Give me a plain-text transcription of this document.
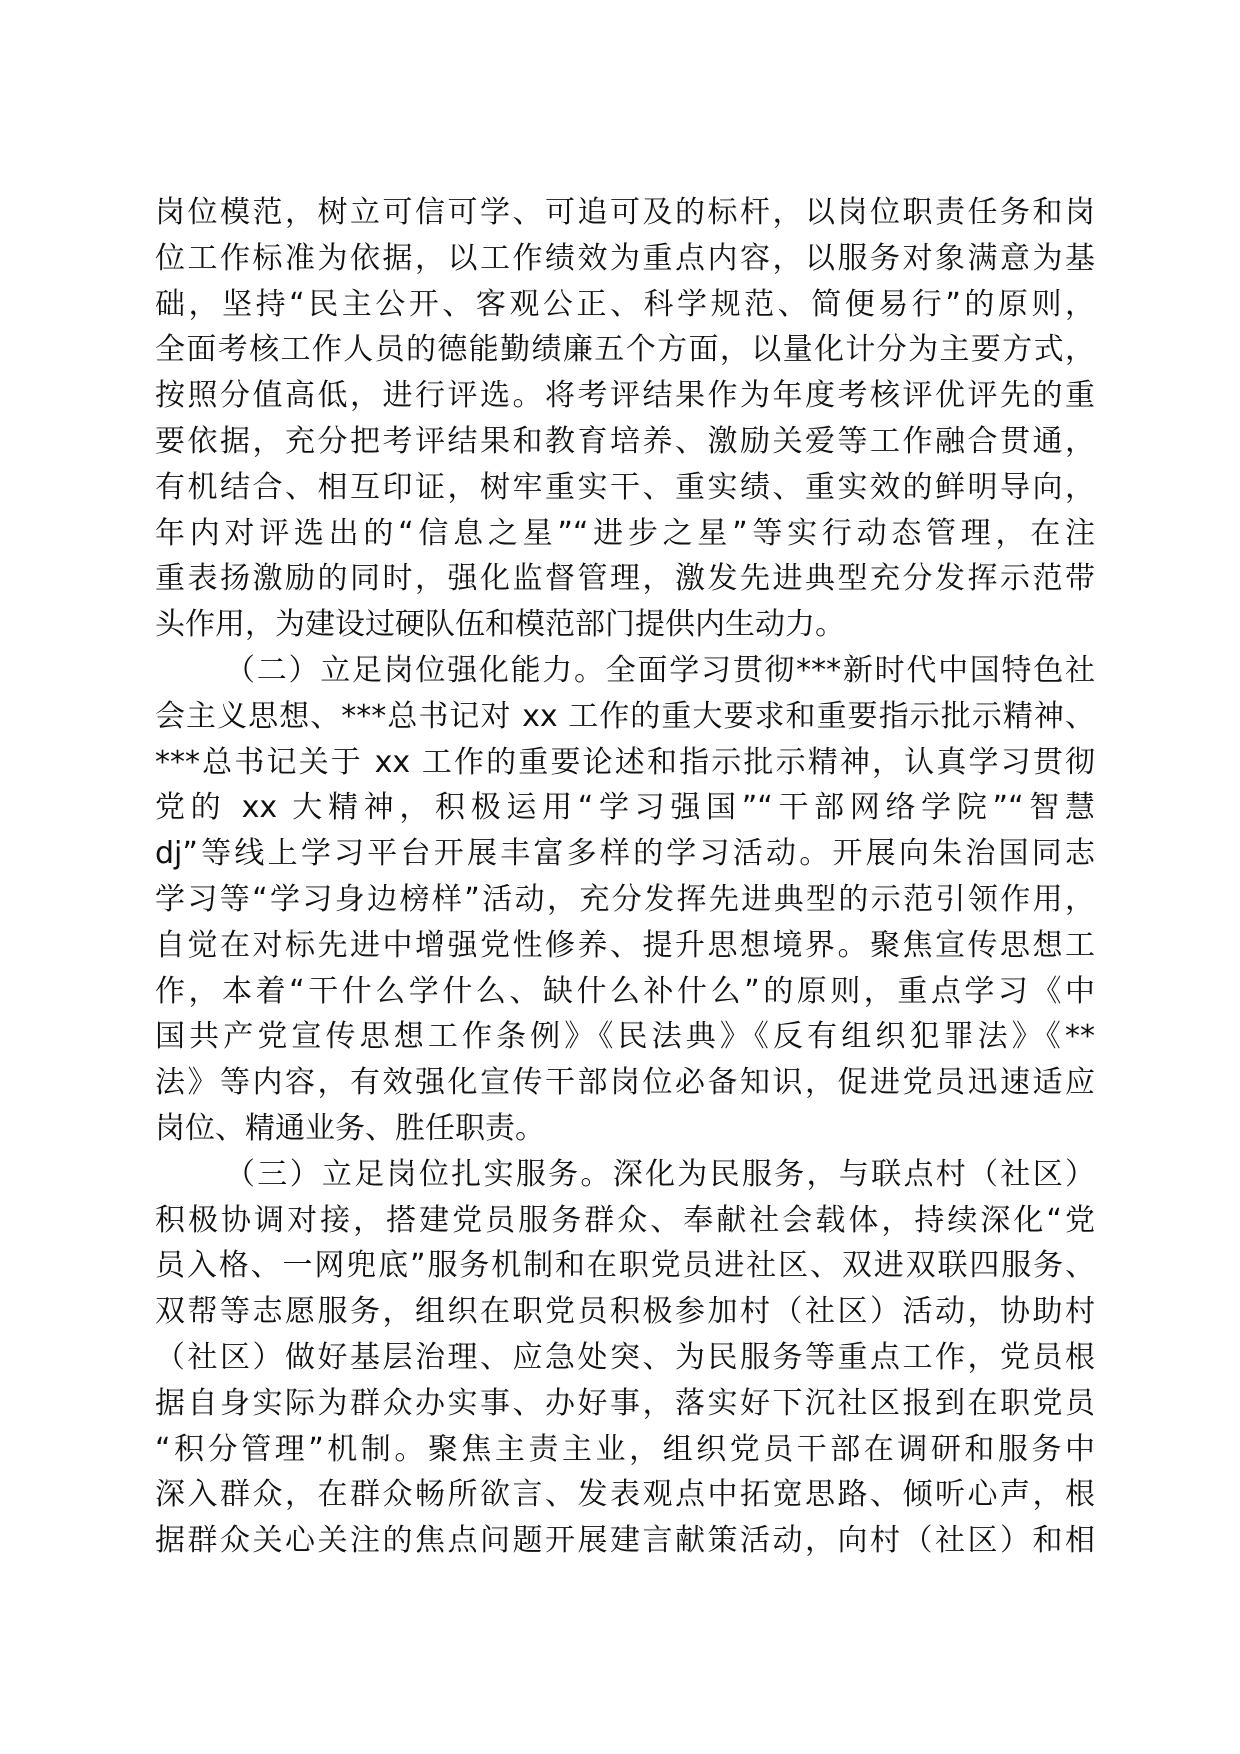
岗位模范，树立可信可学、可追可及的标杆，以岗位职责任务和岗
位工作标准为依据，以工作绩效为重点内容，以服务对象满意为基
础，坚持“民主公开、客观公正、科学规范、简便易行”的原则，
全面考核工作人员的德能勤绩廉五个方面，以量化计分为主要方式，
按照分值高低，进行评选。将考评结果作为年度考核评优评先的重
要依据，充分把考评结果和教育培养、激励关爱等工作融合贯通，
有机结合、相互印证，树牢重实干、重实绩、重实效的鲜明导向，
年内对评选出的“信息之星”“进步之星”等实行动态管理，在注
重表扬激励的同时，强化监督管理，激发先进典型充分发挥示范带
头作用，为建设过硬队伍和模范部门提供内生动力。
（二）立足岗位强化能力。全面学习贯彻***新时代中国特色社
会主义思想、***总书记对 xx 工作的重大要求和重要指示批示精神、
***总书记关于 xx 工作的重要论述和指示批示精神，认真学习贯彻
党的 xx 大精神，积极运用“学习强国”“干部网络学院”“智慧
dj”等线上学习平台开展丰富多样的学习活动。开展向朱治国同志
学习等“学习身边榜样”活动，充分发挥先进典型的示范引领作用，
自觉在对标先进中增强党性修养、提升思想境界。聚焦宣传思想工
作，本着“干什么学什么、缺什么补什么”的原则，重点学习《中
国共产党宣传思想工作条例》《民法典》《反有组织犯罪法》《**
法》等内容，有效强化宣传干部岗位必备知识，促进党员迅速适应
岗位、精通业务、胜任职责。
（三）立足岗位扎实服务。深化为民服务，与联点村（社区）
积极协调对接，搭建党员服务群众、奉献社会载体，持续深化“党
员入格、一网兜底”服务机制和在职党员进社区、双进双联四服务、
双帮等志愿服务，组织在职党员积极参加村（社区）活动，协助村
（社区）做好基层治理、应急处突、为民服务等重点工作，党员根
据自身实际为群众办实事、办好事，落实好下沉社区报到在职党员
“积分管理”机制。聚焦主责主业，组织党员干部在调研和服务中
深入群众，在群众畅所欲言、发表观点中拓宽思路、倾听心声，根
据群众关心关注的焦点问题开展建言献策活动，向村（社区）和相
